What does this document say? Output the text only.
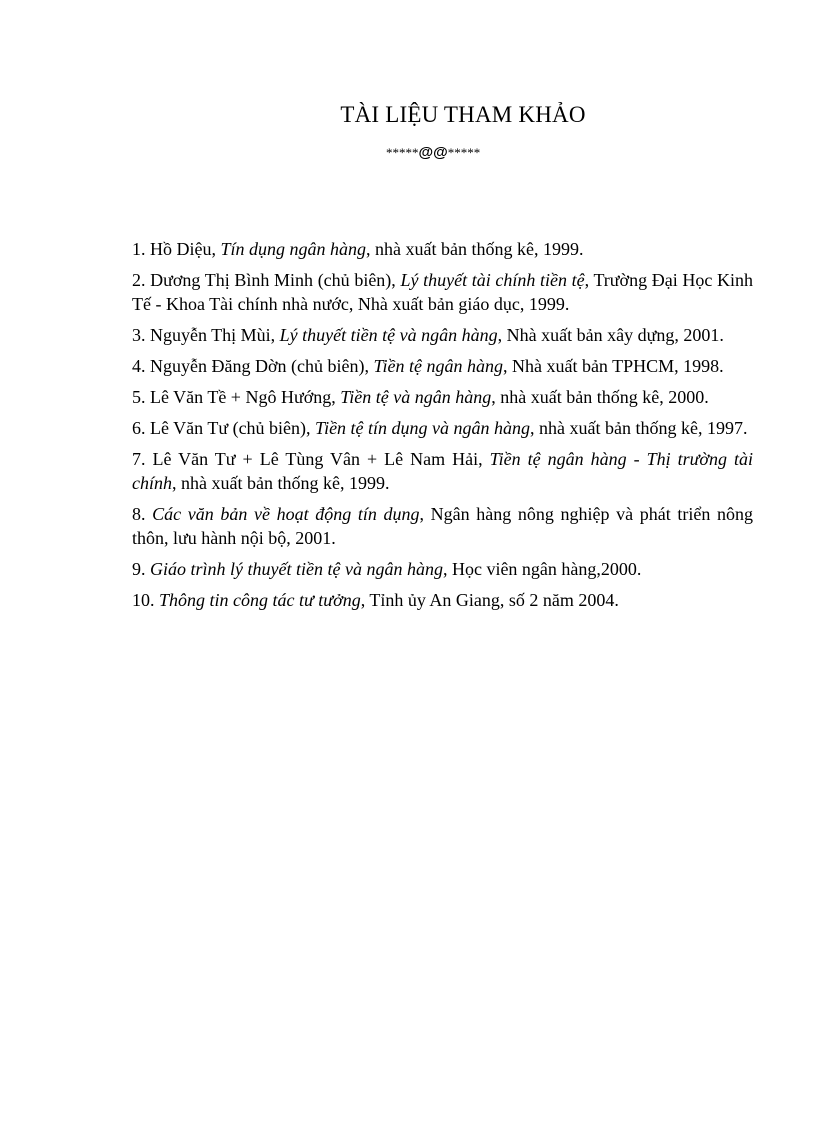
TÀI LIỆU THAM KHẢO
*****@@*****
1. Hồ Diệu, Tín dụng ngân hàng, nhà xuất bản thống kê, 1999.
2. Dương Thị Bình Minh (chủ biên), Lý thuyết tài chính tiền tệ, Trường Đại Học Kinh Tế - Khoa Tài chính nhà nước, Nhà xuất bản giáo dục, 1999.
3. Nguyễn Thị Mùi, Lý thuyết tiền tệ và ngân hàng, Nhà xuất bản xây dựng, 2001.
4. Nguyễn Đăng Dờn (chủ biên), Tiền tệ ngân hàng, Nhà xuất bản TPHCM, 1998.
5. Lê Văn Tề + Ngô Hướng, Tiền tệ và ngân hàng, nhà xuất bản thống kê, 2000.
6. Lê Văn Tư (chủ biên), Tiền tệ tín dụng và ngân hàng, nhà xuất bản thống kê, 1997.
7. Lê Văn Tư + Lê Tùng Vân + Lê Nam Hải, Tiền tệ ngân hàng - Thị trường tài chính, nhà xuất bản thống kê, 1999.
8. Các văn bản về hoạt động tín dụng, Ngân hàng nông nghiệp và phát triển nông thôn, lưu hành nội bộ, 2001.
9. Giáo trình lý thuyết tiền tệ và ngân hàng, Học viên ngân hàng,2000.
10. Thông tin công tác tư tưởng, Tỉnh ủy An Giang, số 2 năm 2004.
